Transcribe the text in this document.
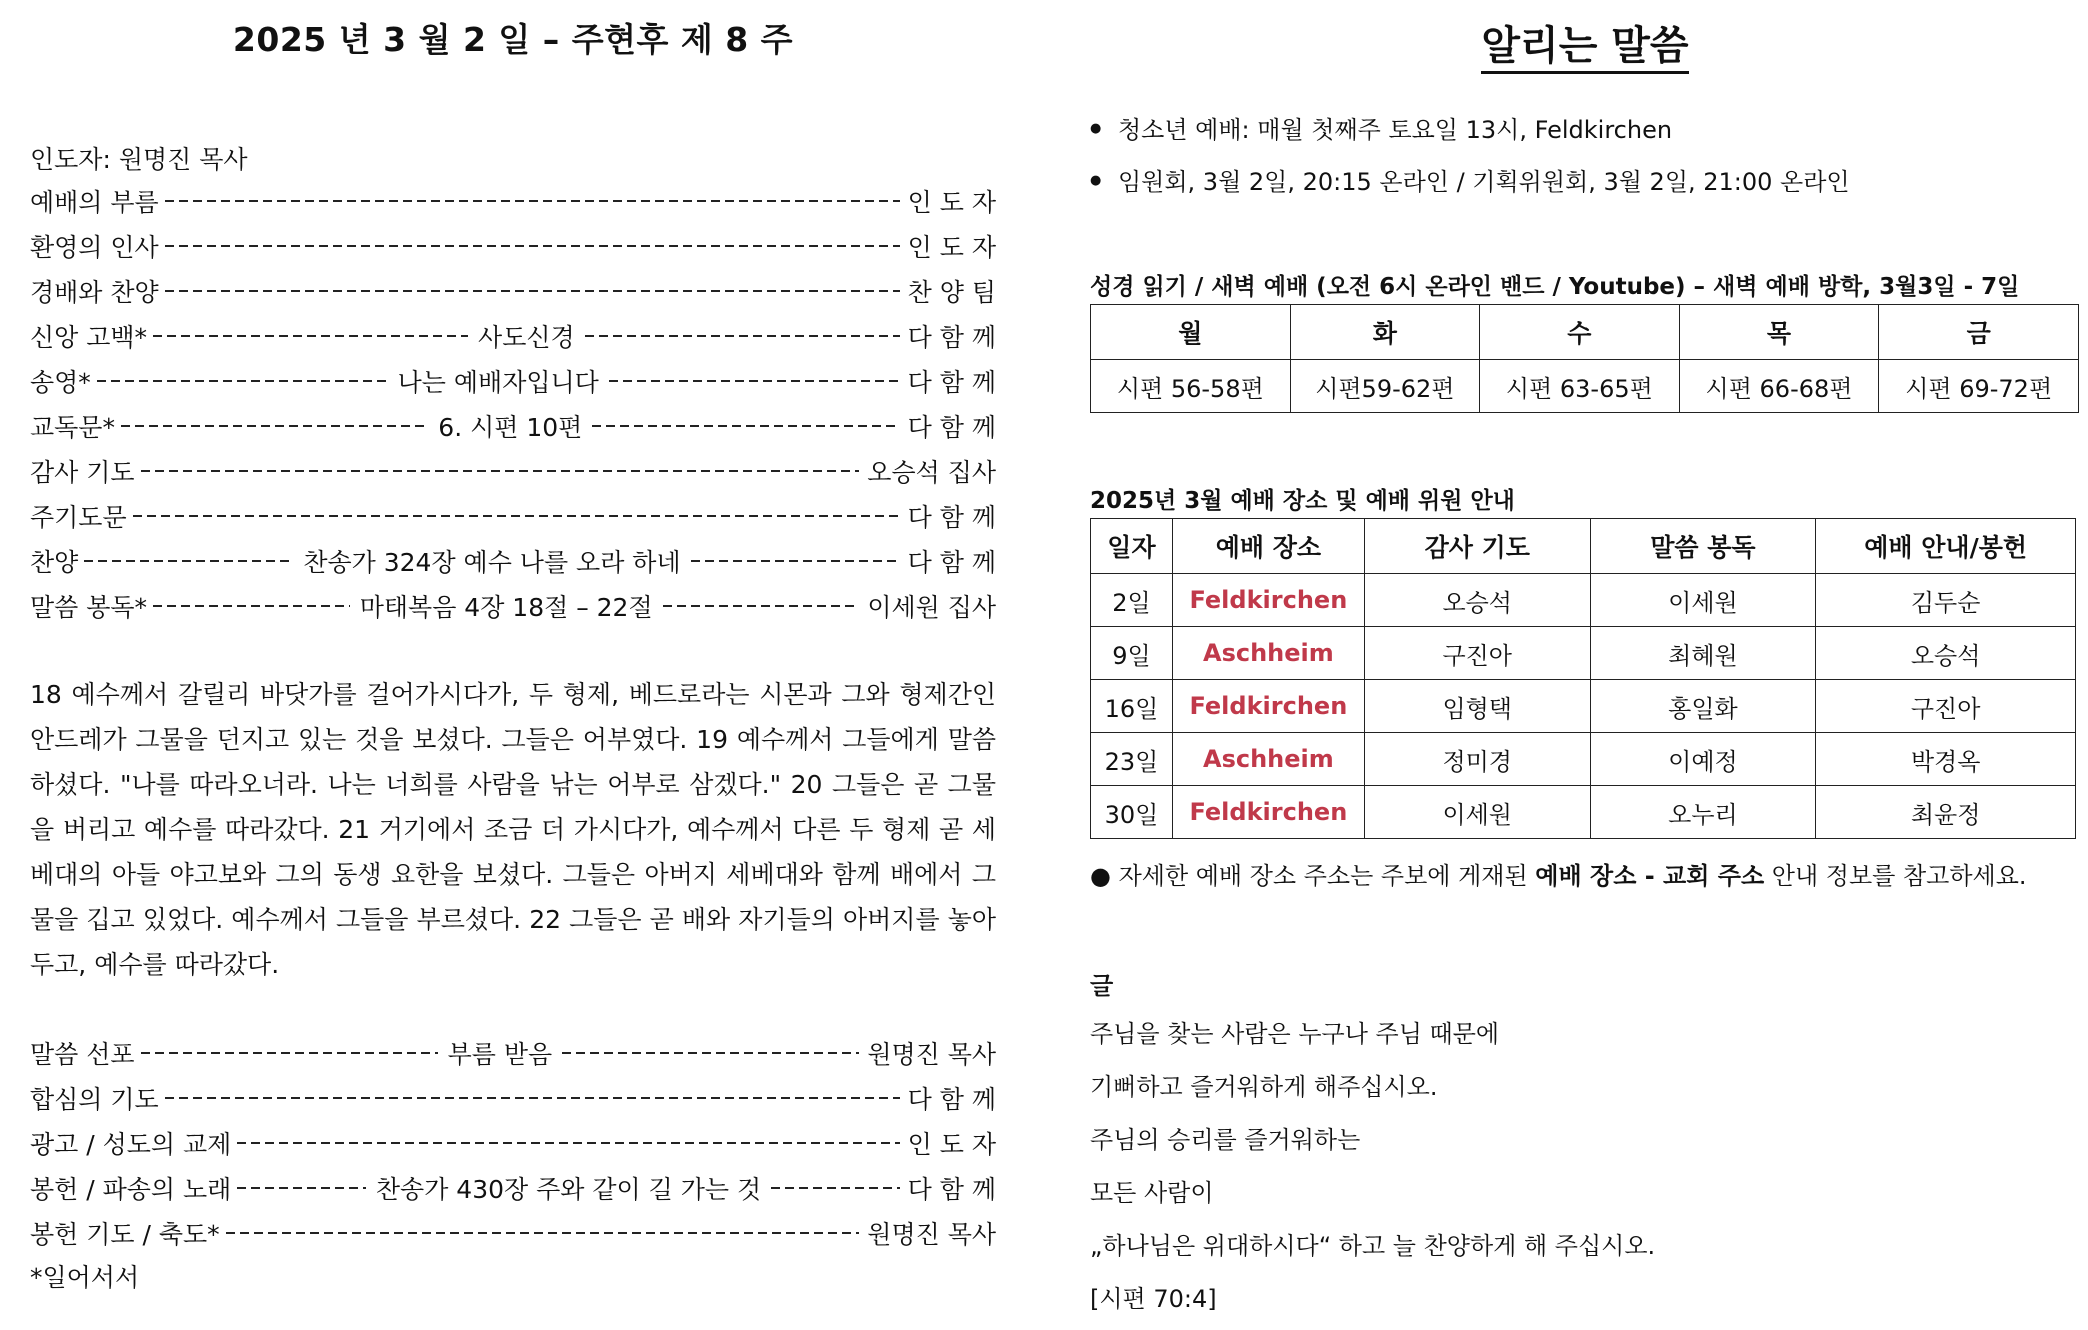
2025 년 3 월 2 일 – 주현후 제 8 주
인도자: 원명진 목사
예배의 부름	인 도 자
환영의 인사	인 도 자
경배와 찬양	찬 양 팀
신앙 고백*	사도신경	다 함 께
송영*	나는 예배자입니다	다 함 께
교독문*	6. 시편 10편	다 함 께
감사 기도	오승석 집사
주기도문	다 함 께
찬양	찬송가 324장 예수 나를 오라 하네	다 함 께
말씀 봉독*	마태복음 4장 18절 – 22절	이세원 집사
18 예수께서 갈릴리 바닷가를 걸어가시다가, 두 형제, 베드로라는 시몬과 그와 형제간인 안드레가 그물을 던지고 있는 것을 보셨다. 그들은 어부였다. 19 예수께서 그들에게 말씀하셨다. "나를 따라오너라. 나는 너희를 사람을 낚는 어부로 삼겠다." 20 그들은 곧 그물을 버리고 예수를 따라갔다. 21 거기에서 조금 더 가시다가, 예수께서 다른 두 형제 곧 세베대의 아들 야고보와 그의 동생 요한을 보셨다. 그들은 아버지 세베대와 함께 배에서 그물을 깁고 있었다. 예수께서 그들을 부르셨다. 22 그들은 곧 배와 자기들의 아버지를 놓아두고, 예수를 따라갔다.
말씀 선포	부름 받음	원명진 목사
합심의 기도	다 함 께
광고 / 성도의 교제	인 도 자
봉헌 / 파송의 노래	찬송가 430장 주와 같이 길 가는 것	다 함 께
봉헌 기도 / 축도*	원명진 목사
*일어서서
알리는 말씀
● 청소년 예배: 매월 첫째주 토요일 13시, Feldkirchen
● 임원회, 3월 2일, 20:15 온라인 / 기획위원회, 3월 2일, 21:00 온라인
성경 읽기 / 새벽 예배 (오전 6시 온라인 밴드 / Youtube) – 새벽 예배 방학, 3월3일 - 7일
월	화	수	목	금
시편 56-58편	시편59-62편	시편 63-65편	시편 66-68편	시편 69-72편
2025년 3월 예배 장소 및 예배 위원 안내
일자	예배 장소	감사 기도	말씀 봉독	예배 안내/봉헌
2일	Feldkirchen	오승석	이세원	김두순
9일	Aschheim	구진아	최혜원	오승석
16일	Feldkirchen	임형택	홍일화	구진아
23일	Aschheim	정미경	이예정	박경옥
30일	Feldkirchen	이세원	오누리	최윤정
● 자세한 예배 장소 주소는 주보에 게재된 예배 장소 - 교회 주소 안내 정보를 참고하세요.
글
주님을 찾는 사람은 누구나 주님 때문에
기뻐하고 즐거워하게 해주십시오.
주님의 승리를 즐거워하는
모든 사람이
„하나님은 위대하시다“ 하고 늘 찬양하게 해 주십시오.
[시편 70:4]
